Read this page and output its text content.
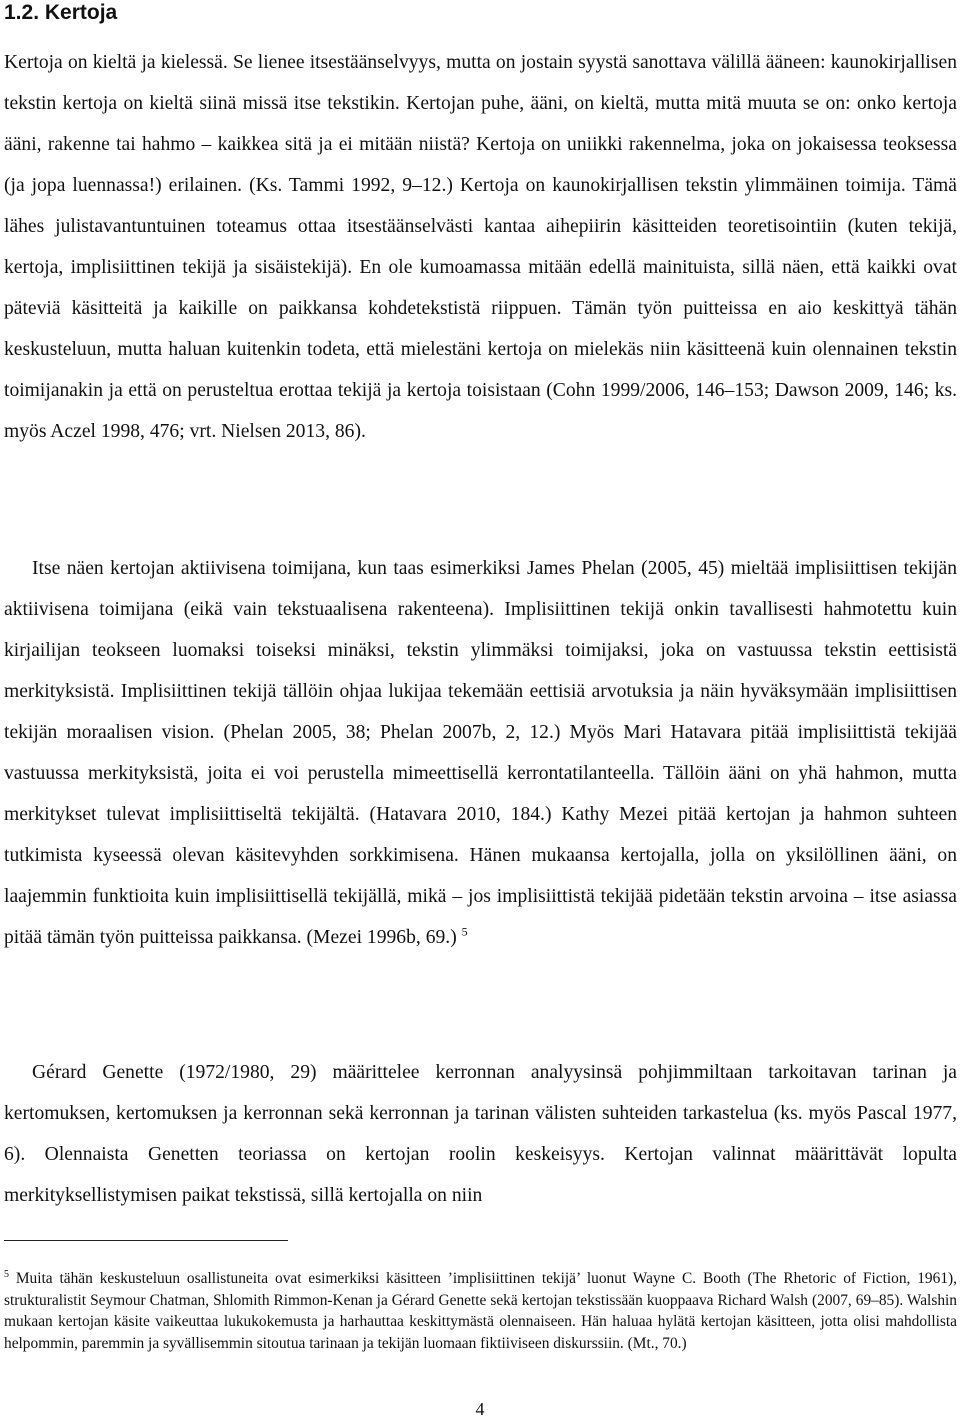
1.2. Kertoja

Kertoja on kieltä ja kielessä. Se lienee itsestäänselvyys, mutta on jostain syystä sanottava välillä ääneen: kaunokirjallisen tekstin kertoja on kieltä siinä missä itse tekstikin. Kertojan puhe, ääni, on kieltä, mutta mitä muuta se on: onko kertoja ääni, rakenne tai hahmo – kaikkea sitä ja ei mitään niistä? Kertoja on uniikki rakennelma, joka on jokaisessa teoksessa (ja jopa luennassa!) erilainen. (Ks. Tammi 1992, 9–12.) Kertoja on kaunokirjallisen tekstin ylimmäinen toimija. Tämä lähes julistavantuntuinen toteamus ottaa itsestäänselvästi kantaa aihepiirin käsitteiden teoretisointiin (kuten tekijä, kertoja, implisiittinen tekijä ja sisäistekijä). En ole kumoamassa mitään edellä mainituista, sillä näen, että kaikki ovat päteviä käsitteitä ja kaikille on paikkansa kohdetekstistä riippuen. Tämän työn puitteissa en aio keskittyä tähän keskusteluun, mutta haluan kuitenkin todeta, että mielestäni kertoja on mielekäs niin käsitteenä kuin olennainen tekstin toimijanakin ja että on perusteltua erottaa tekijä ja kertoja toisistaan (Cohn 1999/2006, 146–153; Dawson 2009, 146; ks. myös Aczel 1998, 476; vrt. Nielsen 2013, 86).

Itse näen kertojan aktiivisena toimijana, kun taas esimerkiksi James Phelan (2005, 45) mieltää implisiittisen tekijän aktiivisena toimijana (eikä vain tekstuaalisena rakenteena). Implisiittinen tekijä onkin tavallisesti hahmotettu kuin kirjailijan teokseen luomaksi toiseksi minäksi, tekstin ylimmäksi toimijaksi, joka on vastuussa tekstin eettisistä merkityksistä. Implisiittinen tekijä tällöin ohjaa lukijaa tekemään eettisiä arvotuksia ja näin hyväksymään implisiittisen tekijän moraalisen vision. (Phelan 2005, 38; Phelan 2007b, 2, 12.) Myös Mari Hatavara pitää implisiittistä tekijää vastuussa merkityksistä, joita ei voi perustella mimeettisellä kerrontatilanteella. Tällöin ääni on yhä hahmon, mutta merkitykset tulevat implisiittiseltä tekijältä. (Hatavara 2010, 184.) Kathy Mezei pitää kertojan ja hahmon suhteen tutkimista kyseessä olevan käsitevyhden sorkkimisena. Hänen mukaansa kertojalla, jolla on yksilöllinen ääni, on laajemmin funktioita kuin implisiittisellä tekijällä, mikä – jos implisiittistä tekijää pidetään tekstin arvoina – itse asiassa pitää tämän työn puitteissa paikkansa. (Mezei 1996b, 69.) $^5$

Gérard Genette (1972/1980, 29) määrittelee kerronnan analyysinsä pohjimmiltaan tarkoitavan tarinan ja kertomuksen, kertomuksen ja kerronnan sekä kerronnan ja tarinan välisten suhteiden tarkastelua (ks. myös Pascal 1977, 6). Olennaista Genetten teoriassa on kertojan roolin keskeisyys. Kertojan valinnat määrittävät lopulta merkityksellistymisen paikat tekstissä, sillä kertojalla on niin

$^5$ Muita tähän keskusteluun osallistuneita ovat esimerkiksi käsitteen ’implisiittinen tekijä’ luonut Wayne C. Booth (The Rhetoric of Fiction, 1961), strukturalistit Seymour Chatman, Shlomith Rimmon-Kenan ja Gérard Genette sekä kertojan tekstissään kuoppaava Richard Walsh (2007, 69–85). Walshin mukaan kertojan käsite vaikeuttaa lukukokemusta ja harhauttaa keskittymästä olennaiseen. Hän haluaa hylätä kertojan käsitteen, jotta olisi mahdollista helpommin, paremmin ja syvällisemmin sitoutua tarinaan ja tekijän luomaan fiktiiviseen diskurssiin. (Mt., 70.)

4
